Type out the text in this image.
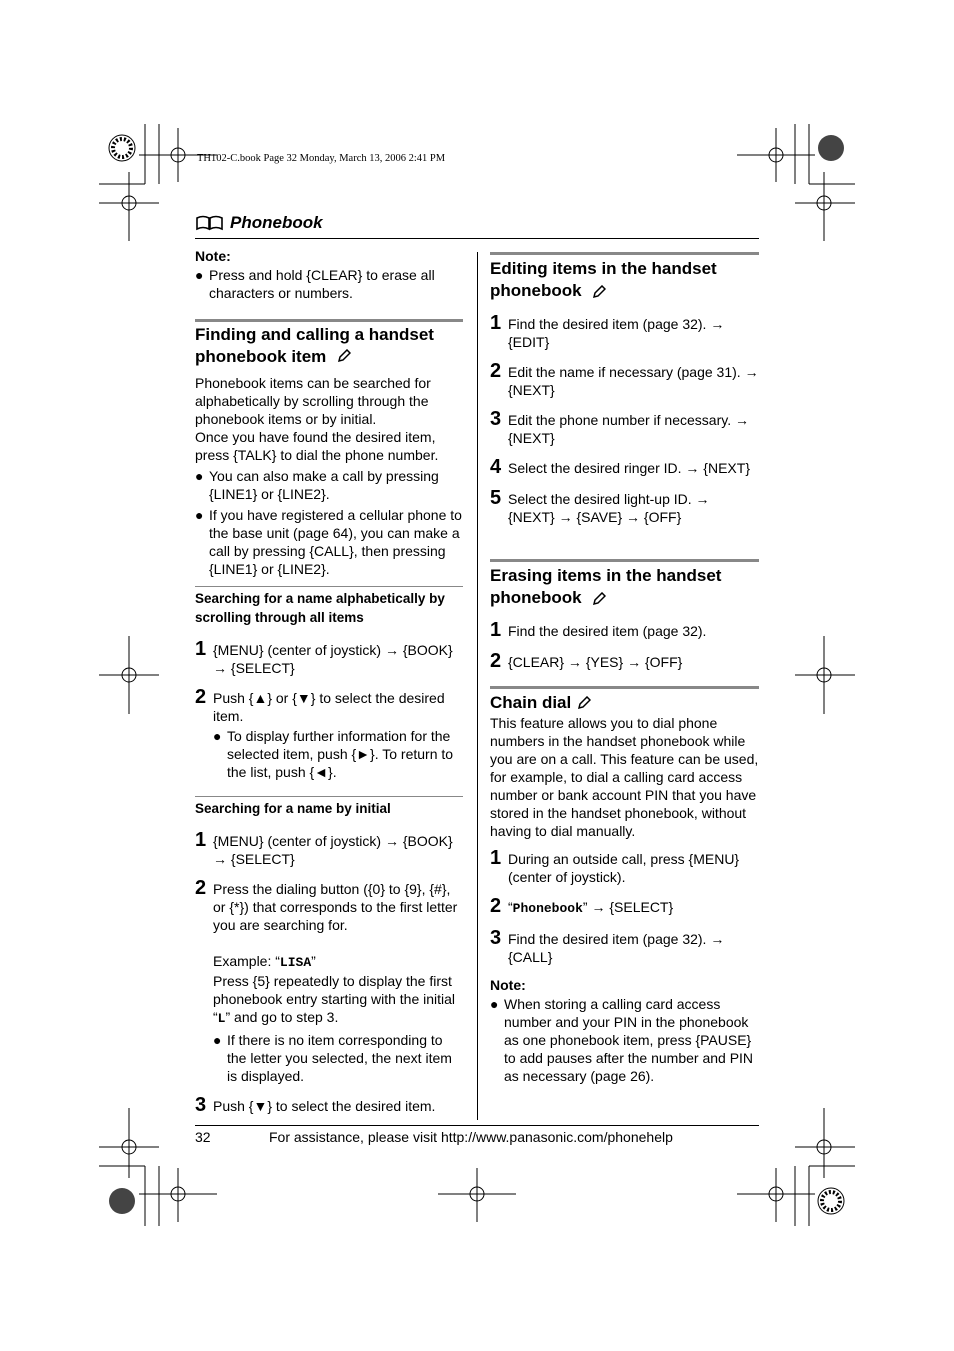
TH102-C.book Page 32 Monday, March 13, 2006 2:41 PM
Phonebook
Note:
● Press and hold {CLEAR} to erase all characters or numbers.
Finding and calling a handset phonebook item
Phonebook items can be searched for alphabetically by scrolling through the phonebook items or by initial.
Once you have found the desired item, press {TALK} to dial the phone number.
● You can also make a call by pressing {LINE1} or {LINE2}.
● If you have registered a cellular phone to the base unit (page 64), you can make a call by pressing {CALL}, then pressing {LINE1} or {LINE2}.
Searching for a name alphabetically by scrolling through all items
1 {MENU} (center of joystick) → {BOOK} → {SELECT}
2 Push {▲} or {▼} to select the desired item.
● To display further information for the selected item, push {►}. To return to the list, push {◄}.
Searching for a name by initial
1 {MENU} (center of joystick) → {BOOK} → {SELECT}
2 Press the dialing button ({0} to {9}, {#}, or {*}) that corresponds to the first letter you are searching for.
Example: “LISA”
Press {5} repeatedly to display the first phonebook entry starting with the initial “L” and go to step 3.
● If there is no item corresponding to the letter you selected, the next item is displayed.
3 Push {▼} to select the desired item.
Editing items in the handset phonebook
1 Find the desired item (page 32). → {EDIT}
2 Edit the name if necessary (page 31). → {NEXT}
3 Edit the phone number if necessary. → {NEXT}
4 Select the desired ringer ID. → {NEXT}
5 Select the desired light-up ID. → {NEXT} → {SAVE} → {OFF}
Erasing items in the handset phonebook
1 Find the desired item (page 32).
2 {CLEAR} → {YES} → {OFF}
Chain dial
This feature allows you to dial phone numbers in the handset phonebook while you are on a call. This feature can be used, for example, to dial a calling card access number or bank account PIN that you have stored in the handset phonebook, without having to dial manually.
1 During an outside call, press {MENU} (center of joystick).
2 “Phonebook” → {SELECT}
3 Find the desired item (page 32). → {CALL}
Note:
● When storing a calling card access number and your PIN in the phonebook as one phonebook item, press {PAUSE} to add pauses after the number and PIN as necessary (page 26).
32	For assistance, please visit http://www.panasonic.com/phonehelp
